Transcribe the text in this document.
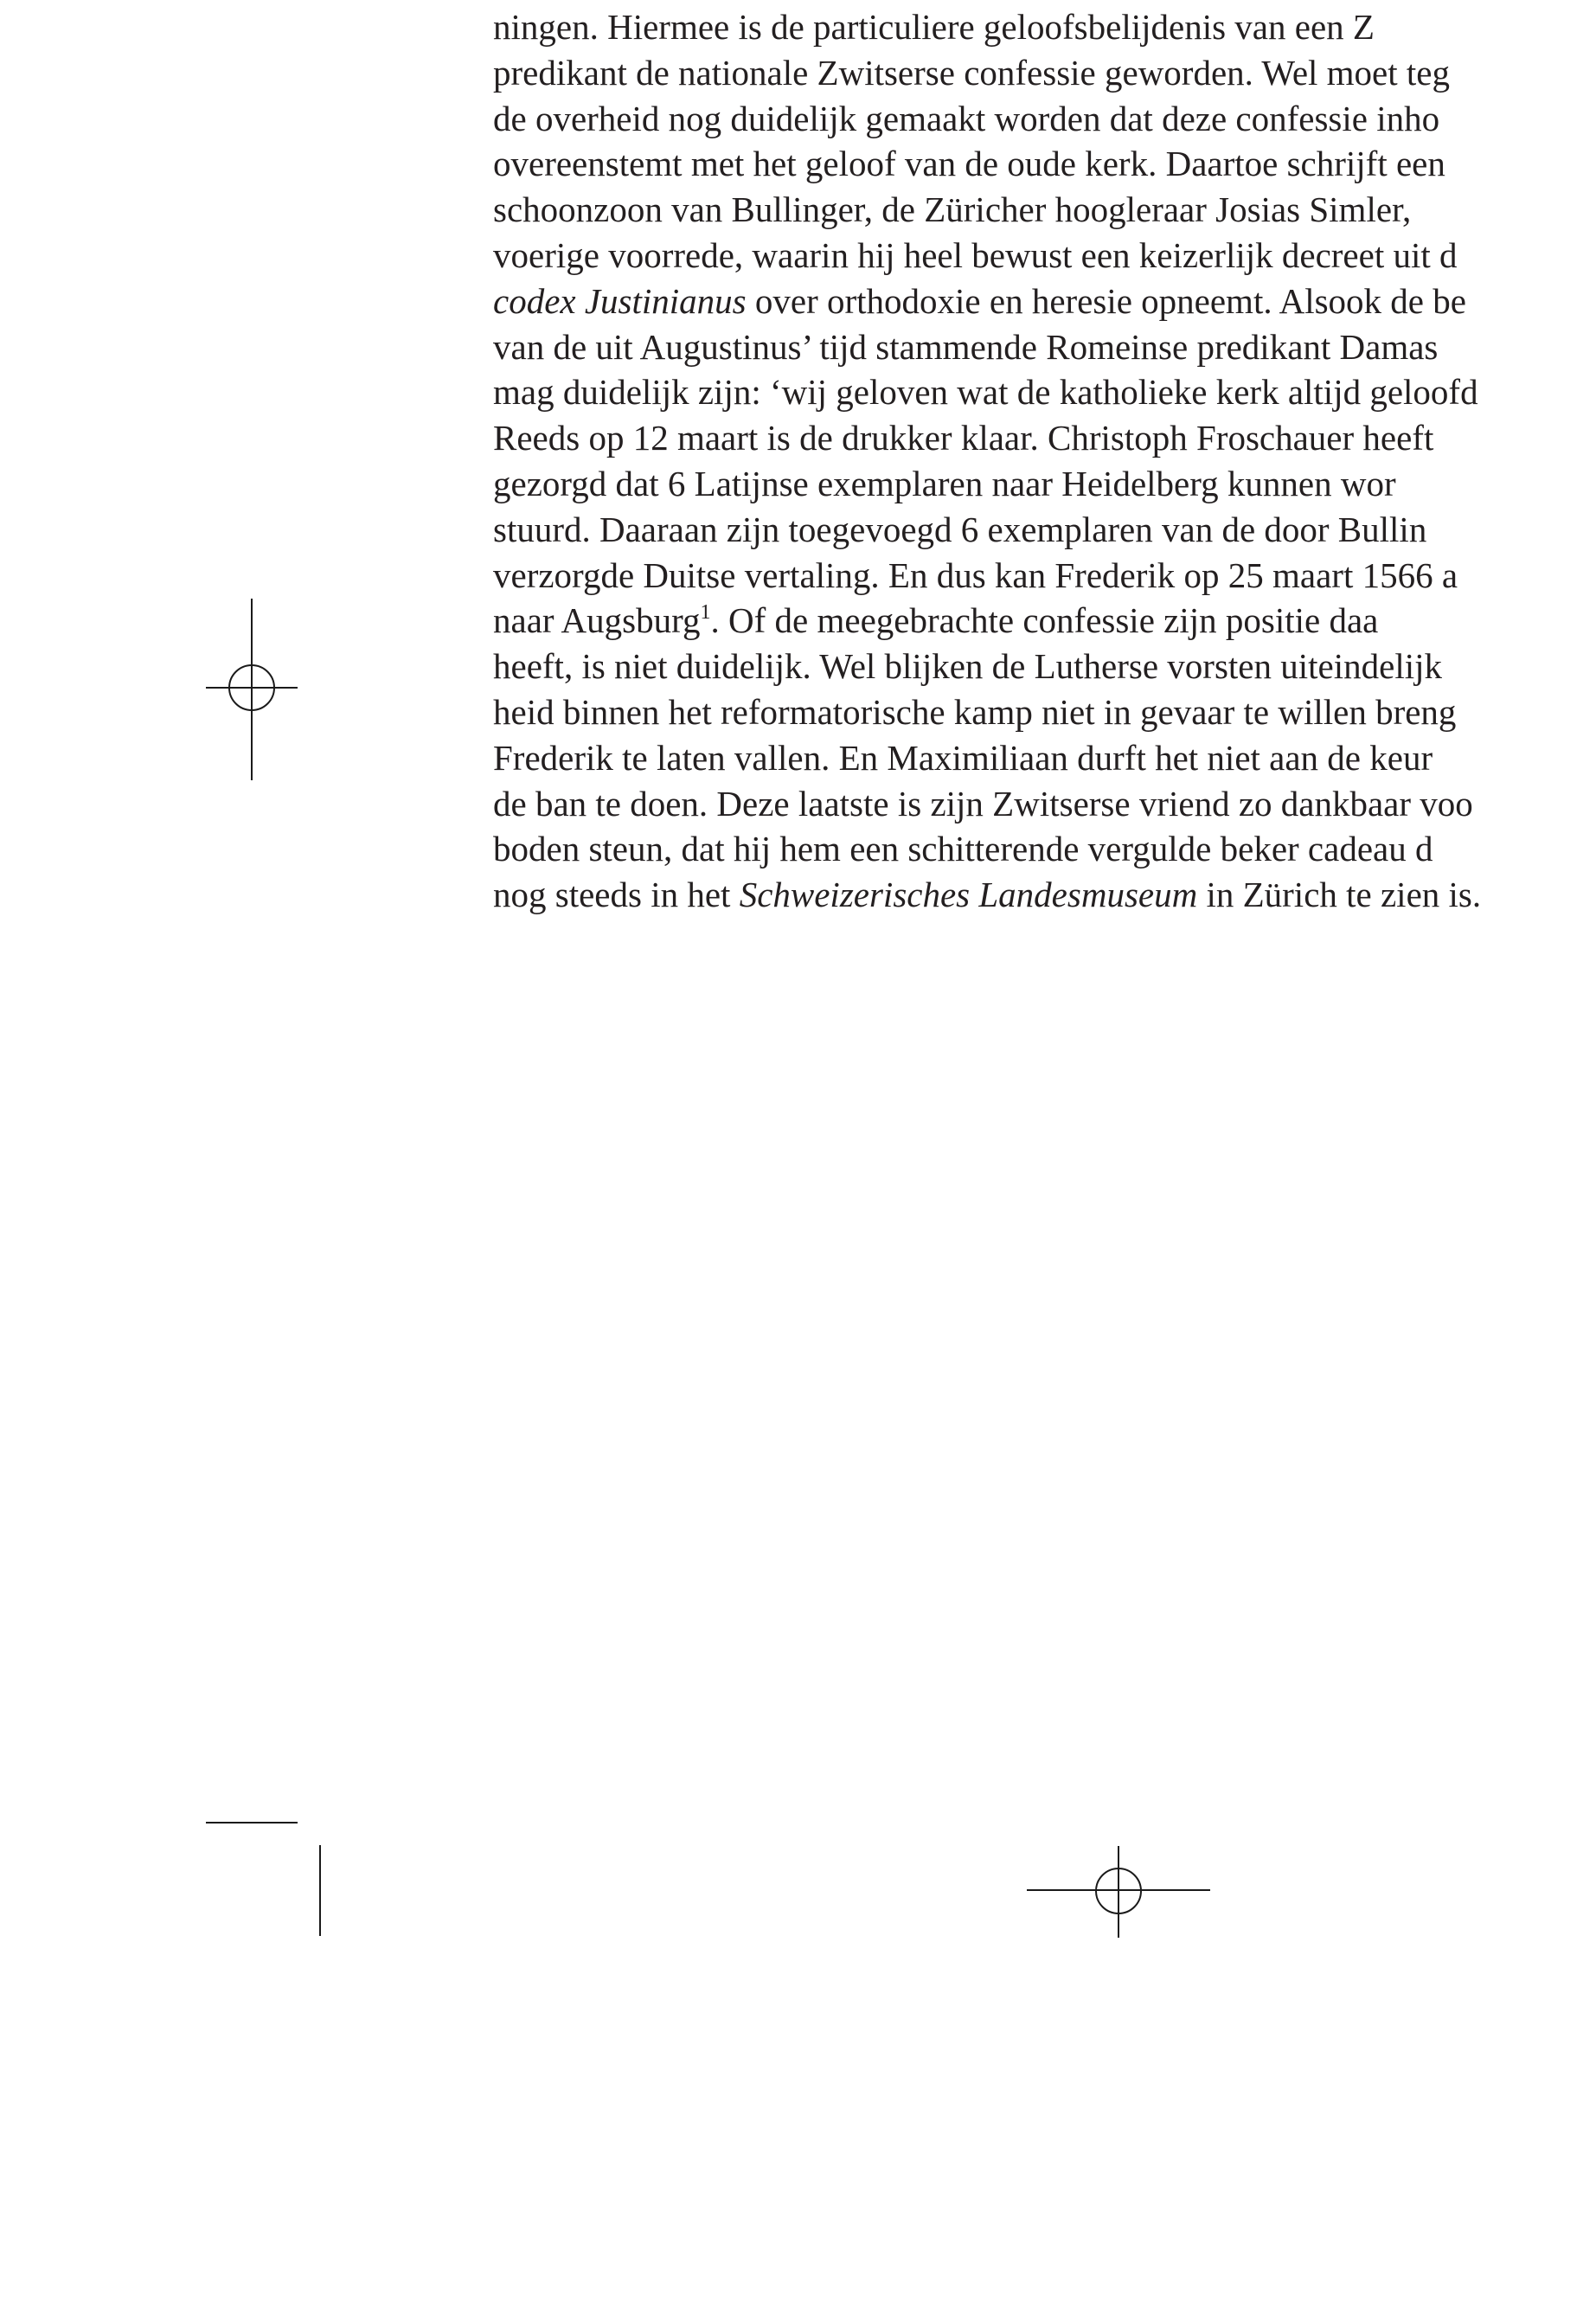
ningen. Hiermee is de particuliere geloofsbelijdenis van een Z
predikant de nationale Zwitserse confessie geworden. Wel moet teg
de overheid nog duidelijk gemaakt worden dat deze confessie inho
overeenstemt met het geloof van de oude kerk. Daartoe schrijft een
schoonzoon van Bullinger, de Züricher hoogleraar Josias Simler,
voerige voorrede, waarin hij heel bewust een keizerlijk decreet uit d
codex Justinianus over orthodoxie en heresie opneemt. Alsook de be
van de uit Augustinus’ tijd stammende Romeinse predikant Damas
mag duidelijk zijn: ‘wij geloven wat de katholieke kerk altijd geloofd
Reeds op 12 maart is de drukker klaar. Christoph Froschauer heeft
gezorgd dat 6 Latijnse exemplaren naar Heidelberg kunnen wor
stuurd. Daaraan zijn toegevoegd 6 exemplaren van de door Bullin
verzorgde Duitse vertaling. En dus kan Frederik op 25 maart 1566 a
naar Augsburg$^1$. Of de meegebrachte confessie zijn positie daa
heeft, is niet duidelijk. Wel blijken de Lutherse vorsten uiteindelijk
heid binnen het reformatorische kamp niet in gevaar te willen breng
Frederik te laten vallen. En Maximiliaan durft het niet aan de keur
de ban te doen. Deze laatste is zijn Zwitserse vriend zo dankbaar voo
boden steun, dat hij hem een schitterende vergulde beker cadeau d
nog steeds in het Schweizerisches Landesmuseum in Zürich te zien is.
